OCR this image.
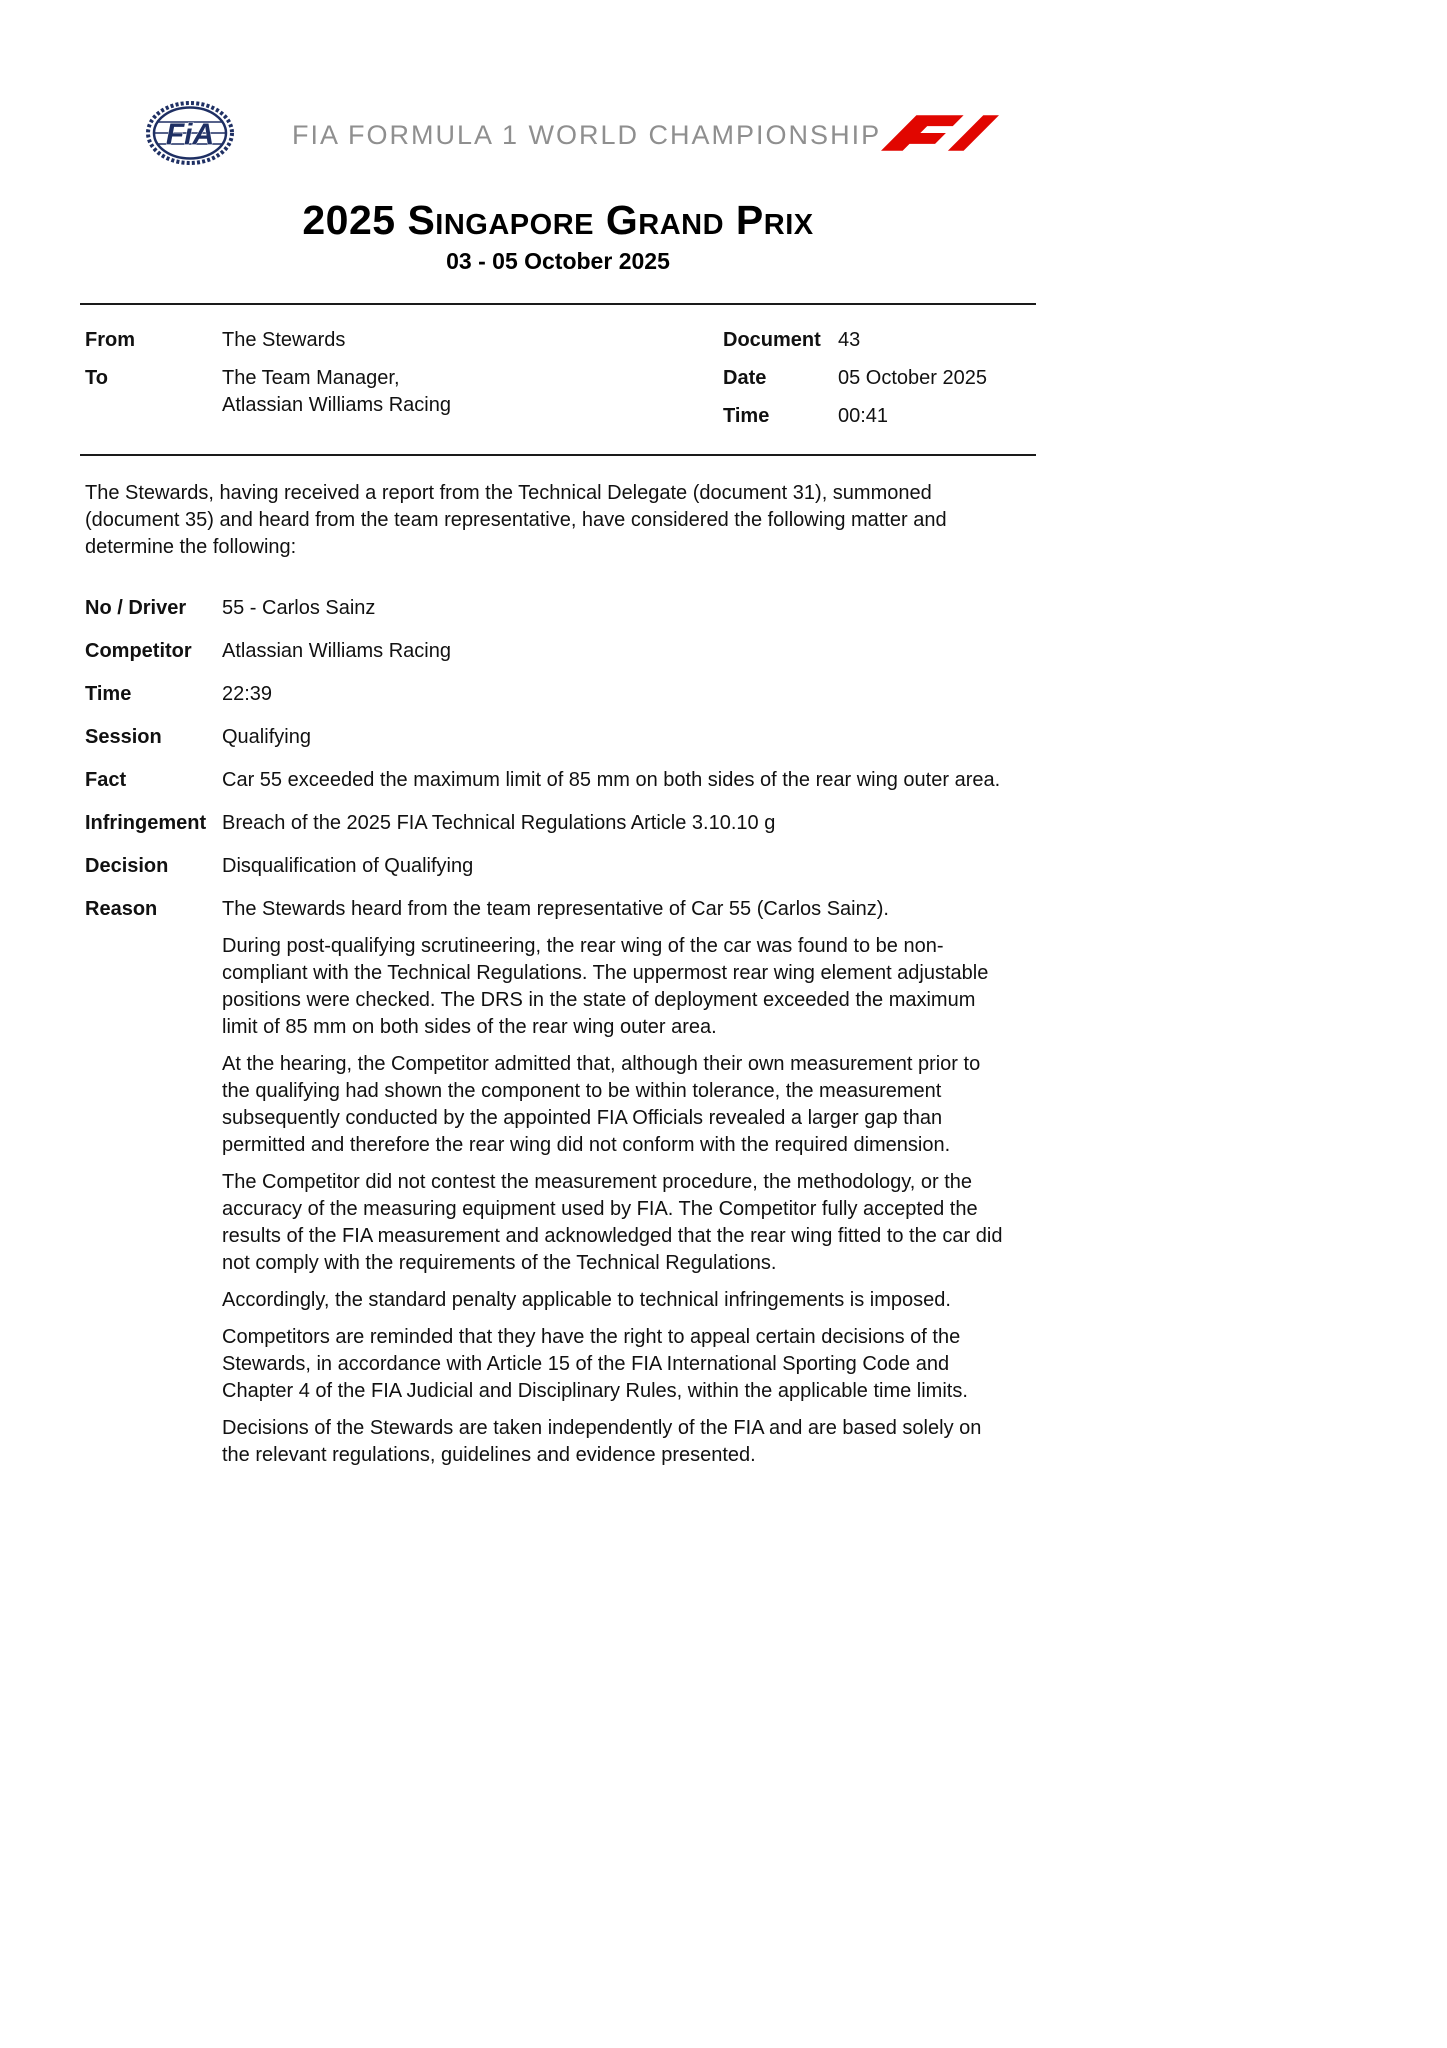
FiA	FIA FORMULA 1 WORLD CHAMPIONSHIP
2025 Singapore Grand Prix
03 - 05 October 2025
From	The Stewards
To	The Team Manager,
Atlassian Williams Racing
Document 43
Date	05 October 2025
Time	00:41

The Stewards, having received a report from the Technical Delegate (document 31), summoned (document 35) and heard from the team representative, have considered the following matter and determine the following:

No / Driver	55 - Carlos Sainz
Competitor	Atlassian Williams Racing
Time	22:39
Session	Qualifying
Fact	Car 55 exceeded the maximum limit of 85 mm on both sides of the rear wing outer area.
Infringement Breach of the 2025 FIA Technical Regulations Article 3.10.10 g
Decision	Disqualification of Qualifying
Reason	The Stewards heard from the team representative of Car 55 (Carlos Sainz).

During post-qualifying scrutineering, the rear wing of the car was found to be non-compliant with the Technical Regulations. The uppermost rear wing element adjustable positions were checked. The DRS in the state of deployment exceeded the maximum limit of 85 mm on both sides of the rear wing outer area.

At the hearing, the Competitor admitted that, although their own measurement prior to the qualifying had shown the component to be within tolerance, the measurement subsequently conducted by the appointed FIA Officials revealed a larger gap than permitted and therefore the rear wing did not conform with the required dimension.

The Competitor did not contest the measurement procedure, the methodology, or the accuracy of the measuring equipment used by FIA. The Competitor fully accepted the results of the FIA measurement and acknowledged that the rear wing fitted to the car did not comply with the requirements of the Technical Regulations.

Accordingly, the standard penalty applicable to technical infringements is imposed.

Competitors are reminded that they have the right to appeal certain decisions of the Stewards, in accordance with Article 15 of the FIA International Sporting Code and Chapter 4 of the FIA Judicial and Disciplinary Rules, within the applicable time limits.

Decisions of the Stewards are taken independently of the FIA and are based solely on the relevant regulations, guidelines and evidence presented.
